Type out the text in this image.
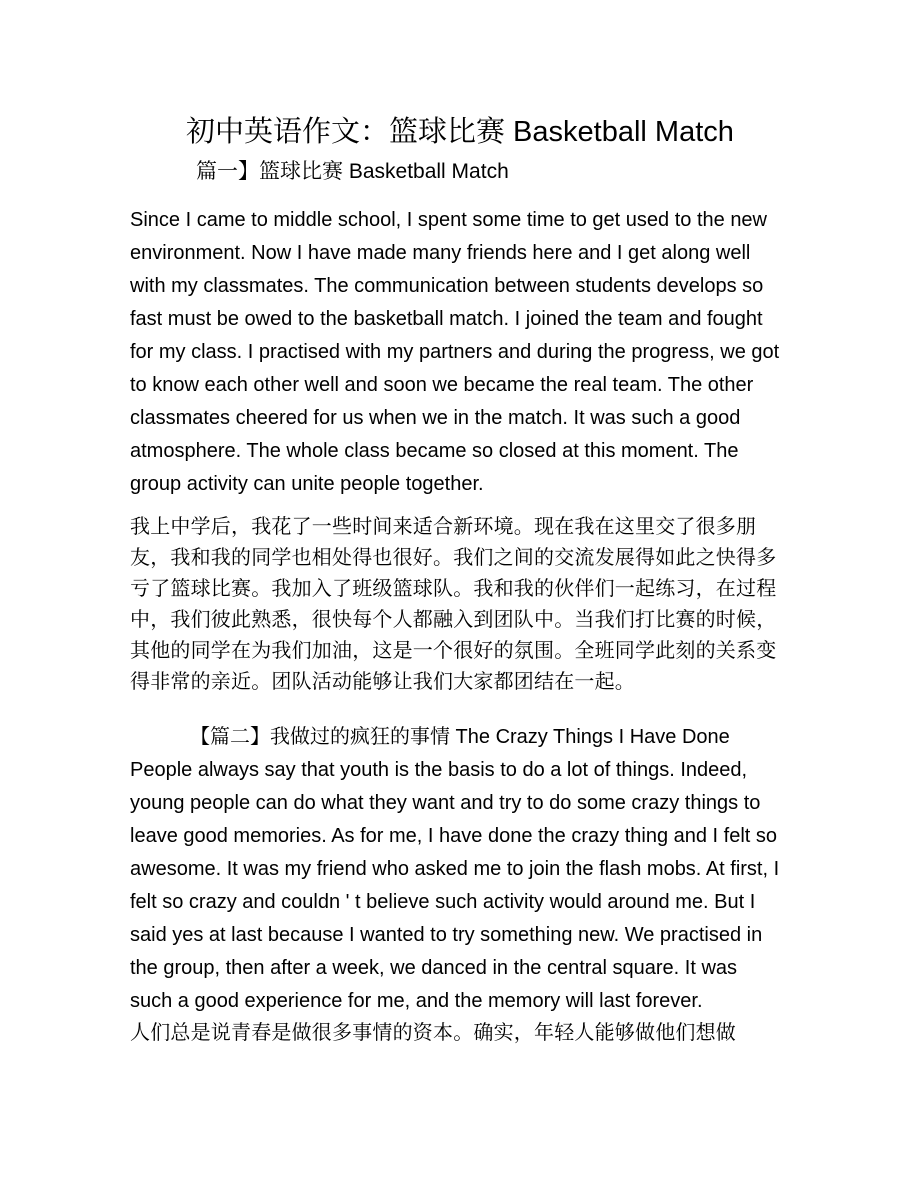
初中英语作文：篮球比赛 Basketball Match
篇一】篮球比赛 Basketball Match

Since I came to middle school, I spent some time to get used to the new environment. Now I have made many friends here and I get along well with my classmates. The communication between students develops so fast must be owed to the basketball match. I joined the team and fought for my class. I practised with my partners and during the progress, we got to know each other well and soon we became the real team. The other classmates cheered for us when we in the match. It was such a good atmosphere. The whole class became so closed at this moment. The group activity can unite people together.

我上中学后，我花了一些时间来适合新环境。现在我在这里交了很多朋友，我和我的同学也相处得也很好。我们之间的交流发展得如此之快得多亏了篮球比赛。我加入了班级篮球队。我和我的伙伴们一起练习，在过程中，我们彼此熟悉，很快每个人都融入到团队中。当我们打比赛的时候，其他的同学在为我们加油，这是一个很好的氛围。全班同学此刻的关系变得非常的亲近。团队活动能够让我们大家都团结在一起。

【篇二】我做过的疯狂的事情 The Crazy Things I Have Done

People always say that youth is the basis to do a lot of things. Indeed, young people can do what they want and try to do some crazy things to leave good memories. As for me, I have done the crazy thing and I felt so awesome. It was my friend who asked me to join the flash mobs. At first, I felt so crazy and couldn ' t believe such activity would around me. But I said yes at last because I wanted to try something new. We practised in the group, then after a week, we danced in the central square. It was such a good experience for me, and the memory will last forever.

人们总是说青春是做很多事情的资本。确实，年轻人能够做他们想做
